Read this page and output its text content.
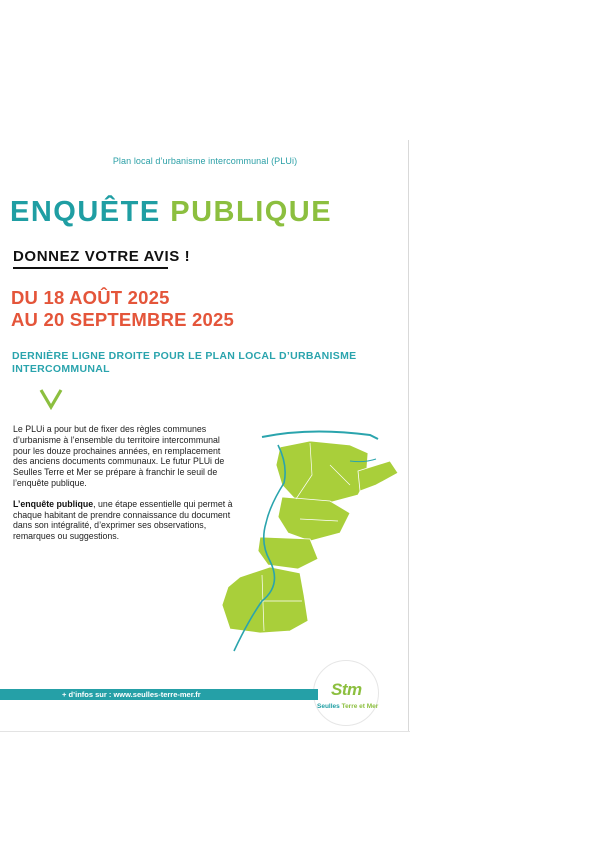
Plan local d’urbanisme intercommunal (PLUi)
ENQUÊTE PUBLIQUE
DONNEZ VOTRE AVIS !
DU 18 AOÛT 2025
AU 20 SEPTEMBRE 2025
DERNIÈRE LIGNE DROITE POUR LE PLAN LOCAL D’URBANISME INTERCOMMUNAL

Le PLUi a pour but de fixer des règles communes d’urbanisme à l’ensemble du territoire intercommunal pour les douze prochaines années, en remplacement des anciens documents communaux. Le futur PLUi de Seulles Terre et Mer se prépare à franchir le seuil de l’enquête publique.

L’enquête publique, une étape essentielle qui permet à chaque habitant de prendre connaissance du document dans son intégralité, d’exprimer ses observations, remarques ou suggestions.

Stm
Seulles Terre et Mer
+ d’infos sur : www.seulles-terre-mer.fr
